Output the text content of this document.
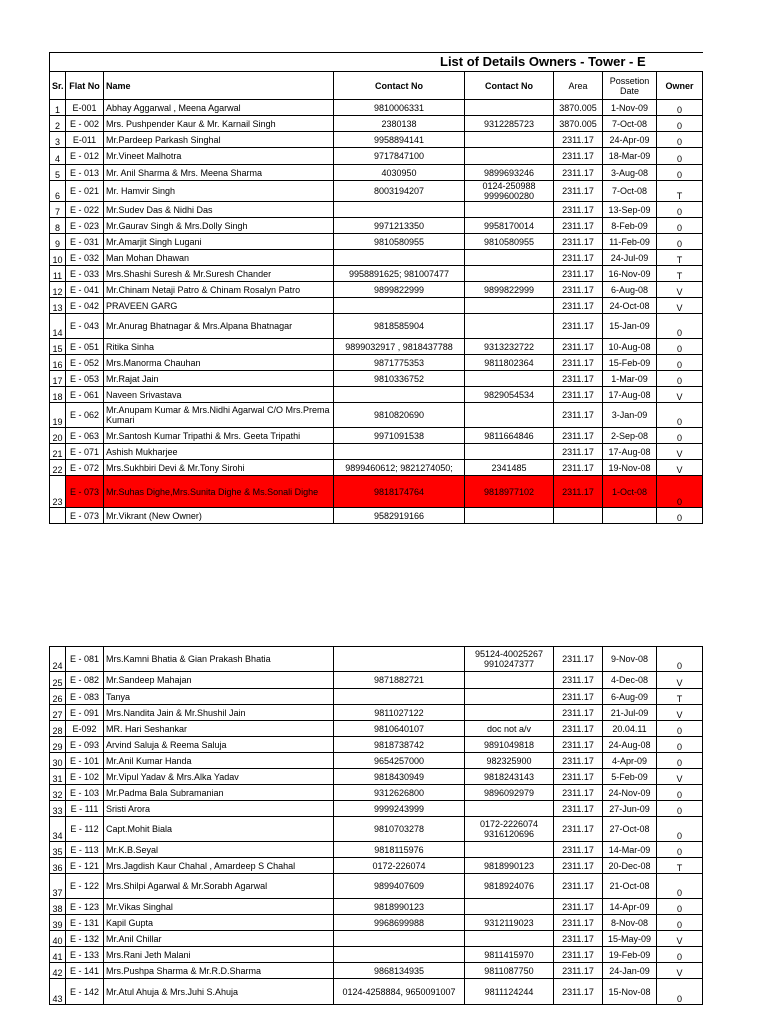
List of Details Owners - Tower - E							
Sr.	Flat No	Name	Contact No	Contact No	Area	Possetion Date	Owner
1	E-001	Abhay Aggarwal , Meena Agarwal	9810006331		3870.005	1-Nov-09	0
2	E - 002	Mrs. Pushpender Kaur & Mr. Karnail Singh	2380138	9312285723	3870.005	7-Oct-08	0
3	E-011	Mr.Pardeep Parkash Singhal	9958894141		2311.17	24-Apr-09	0
4	E - 012	Mr.Vineet Malhotra	9717847100		2311.17	18-Mar-09	0
5	E - 013	Mr. Anil Sharma & Mrs. Meena Sharma	4030950	9899693246	2311.17	3-Aug-08	0
6	E - 021	Mr. Hamvir Singh	8003194207	0124-250988 9999600280	2311.17	7-Oct-08	T
7	E - 022	Mr.Sudev Das & Nidhi Das			2311.17	13-Sep-09	0
8	E - 023	Mr.Gaurav Singh & Mrs.Dolly Singh	9971213350	9958170014	2311.17	8-Feb-09	0
9	E - 031	Mr.Amarjit Singh Lugani	9810580955	9810580955	2311.17	11-Feb-09	0
10	E - 032	Man Mohan Dhawan			2311.17	24-Jul-09	T
11	E - 033	Mrs.Shashi Suresh & Mr.Suresh Chander	9958891625; 981007477		2311.17	16-Nov-09	T
12	E - 041	Mr.Chinam Netaji Patro & Chinam Rosalyn Patro	9899822999	9899822999	2311.17	6-Aug-08	V
13	E - 042	PRAVEEN GARG			2311.17	24-Oct-08	V
14	E - 043	Mr.Anurag Bhatnagar & Mrs.Alpana Bhatnagar	9818585904		2311.17	15-Jan-09	0
15	E - 051	Ritika Sinha	9899032917 , 9818437788	9313232722	2311.17	10-Aug-08	0
16	E - 052	Mrs.Manorma Chauhan	9871775353	9811802364	2311.17	15-Feb-09	0
17	E - 053	Mr.Rajat Jain	9810336752		2311.17	1-Mar-09	0
18	E - 061	Naveen Srivastava		9829054534	2311.17	17-Aug-08	V
19	E - 062	Mr.Anupam Kumar & Mrs.Nidhi Agarwal C/O Mrs.Prema Kumari	9810820690		2311.17	3-Jan-09	0
20	E - 063	Mr.Santosh Kumar Tripathi & Mrs. Geeta Tripathi	9971091538	9811664846	2311.17	2-Sep-08	0
21	E - 071	Ashish Mukharjee			2311.17	17-Aug-08	V
22	E - 072	Mrs.Sukhbiri Devi & Mr.Tony Sirohi	9899460612; 9821274050;	2341485	2311.17	19-Nov-08	V
23	E - 073	Mr.Suhas Dighe,Mrs.Sunita Dighe & Ms.Sonali Dighe	9818174764	9818977102	2311.17	1-Oct-08	0
	E - 073	Mr.Vikrant (New Owner)	9582919166				0
24	E - 081	Mrs.Kamni Bhatia & Gian Prakash Bhatia		95124-40025267 9910247377	2311.17	9-Nov-08	0
25	E - 082	Mr.Sandeep Mahajan	9871882721		2311.17	4-Dec-08	V
26	E - 083	Tanya			2311.17	6-Aug-09	T
27	E - 091	Mrs.Nandita Jain & Mr.Shushil Jain	9811027122		2311.17	21-Jul-09	V
28	E-092	MR. Hari Seshankar	9810640107	doc not a/v	2311.17	20.04.11	0
29	E - 093	Arvind Saluja & Reema Saluja	9818738742	9891049818	2311.17	24-Aug-08	0
30	E - 101	Mr.Anil Kumar Handa	9654257000	982325900	2311.17	4-Apr-09	0
31	E - 102	Mr.Vipul Yadav & Mrs.Alka Yadav	9818430949	9818243143	2311.17	5-Feb-09	V
32	E - 103	Mr.Padma Bala Subramanian	9312626800	9896092979	2311.17	24-Nov-09	0
33	E - 111	Sristi Arora	9999243999		2311.17	27-Jun-09	0
34	E - 112	Capt.Mohit Biala	9810703278	0172-2226074 9316120696	2311.17	27-Oct-08	0
35	E - 113	Mr.K.B.Seyal	9818115976		2311.17	14-Mar-09	0
36	E - 121	Mrs.Jagdish Kaur Chahal , Amardeep S Chahal	0172-226074	9818990123	2311.17	20-Dec-08	T
37	E - 122	Mrs.Shilpi Agarwal & Mr.Sorabh Agarwal	9899407609	9818924076	2311.17	21-Oct-08	0
38	E - 123	Mr.Vikas Singhal	9818990123		2311.17	14-Apr-09	0
39	E - 131	Kapil Gupta	9968699988	9312119023	2311.17	8-Nov-08	0
40	E - 132	Mr.Anil Chillar			2311.17	15-May-09	V
41	E - 133	Mrs.Rani Jeth Malani		9811415970	2311.17	19-Feb-09	0
42	E - 141	Mrs.Pushpa Sharma & Mr.R.D.Sharma	9868134935	9811087750	2311.17	24-Jan-09	V
43	E - 142	Mr.Atul Ahuja & Mrs.Juhi S.Ahuja	0124-4258884, 9650091007	9811124244	2311.17	15-Nov-08	0
